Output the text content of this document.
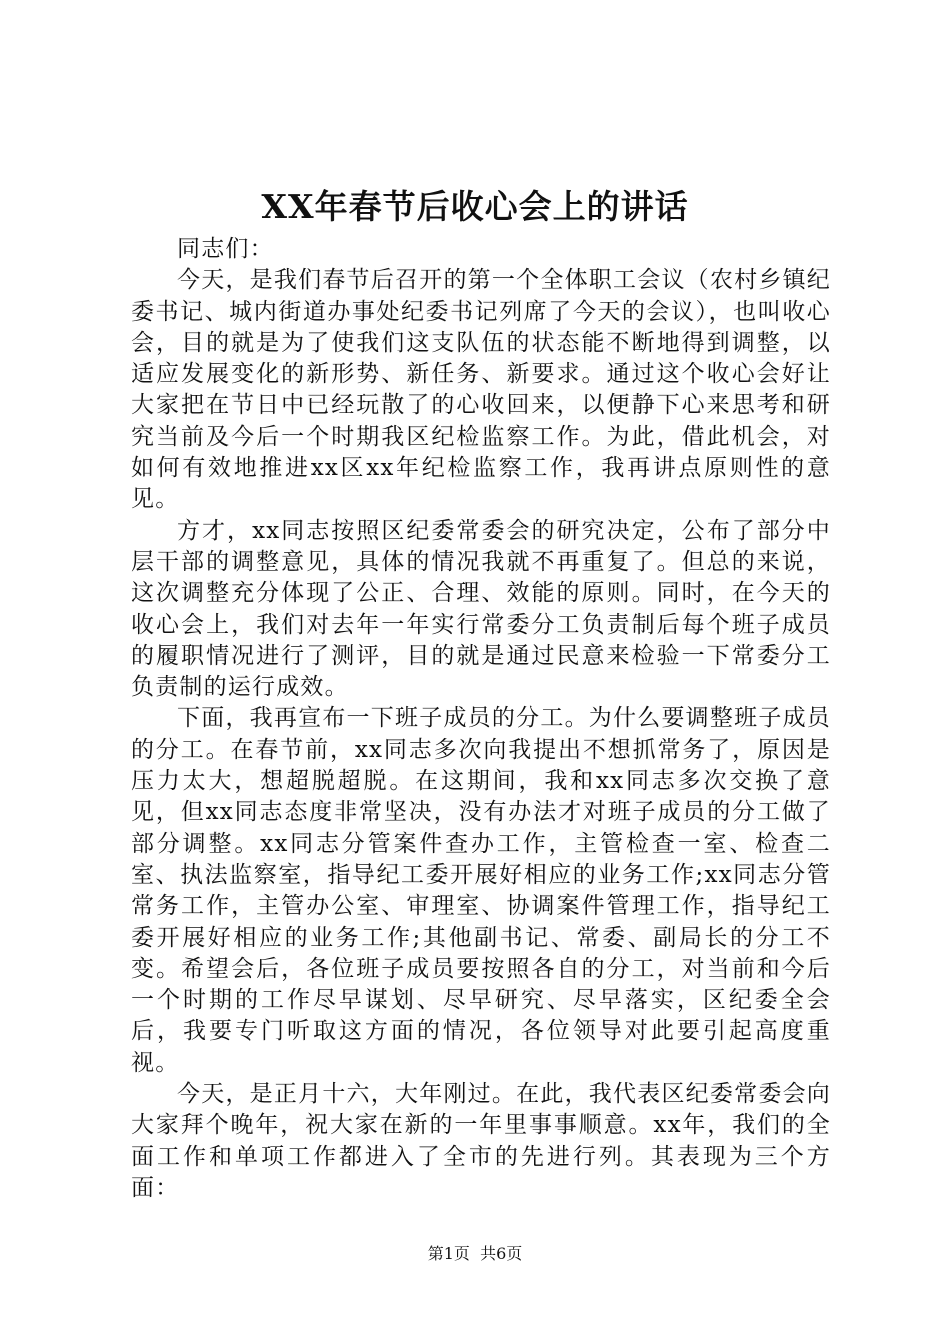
XX年春节后收心会上的讲话

同志们：

今天，是我们春节后召开的第一个全体职工会议（农村乡镇纪委书记、城内街道办事处纪委书记列席了今天的会议），也叫收心会，目的就是为了使我们这支队伍的状态能不断地得到调整，以适应发展变化的新形势、新任务、新要求。通过这个收心会好让大家把在节日中已经玩散了的心收回来，以便静下心来思考和研究当前及今后一个时期我区纪检监察工作。为此，借此机会，对如何有效地推进xx区xx年纪检监察工作，我再讲点原则性的意见。

方才，xx同志按照区纪委常委会的研究决定，公布了部分中层干部的调整意见，具体的情况我就不再重复了。但总的来说，这次调整充分体现了公正、合理、效能的原则。同时，在今天的收心会上，我们对去年一年实行常委分工负责制后每个班子成员的履职情况进行了测评，目的就是通过民意来检验一下常委分工负责制的运行成效。

下面，我再宣布一下班子成员的分工。为什么要调整班子成员的分工。在春节前，xx同志多次向我提出不想抓常务了，原因是压力太大，想超脱超脱。在这期间，我和xx同志多次交换了意见，但xx同志态度非常坚决，没有办法才对班子成员的分工做了部分调整。xx同志分管案件查办工作，主管检查一室、检查二室、执法监察室，指导纪工委开展好相应的业务工作;xx同志分管常务工作，主管办公室、审理室、协调案件管理工作，指导纪工委开展好相应的业务工作;其他副书记、常委、副局长的分工不变。希望会后，各位班子成员要按照各自的分工，对当前和今后一个时期的工作尽早谋划、尽早研究、尽早落实，区纪委全会后，我要专门听取这方面的情况，各位领导对此要引起高度重视。

今天，是正月十六，大年刚过。在此，我代表区纪委常委会向大家拜个晚年，祝大家在新的一年里事事顺意。xx年，我们的全面工作和单项工作都进入了全市的先进行列。其表现为三个方面：

第1页 共6页
